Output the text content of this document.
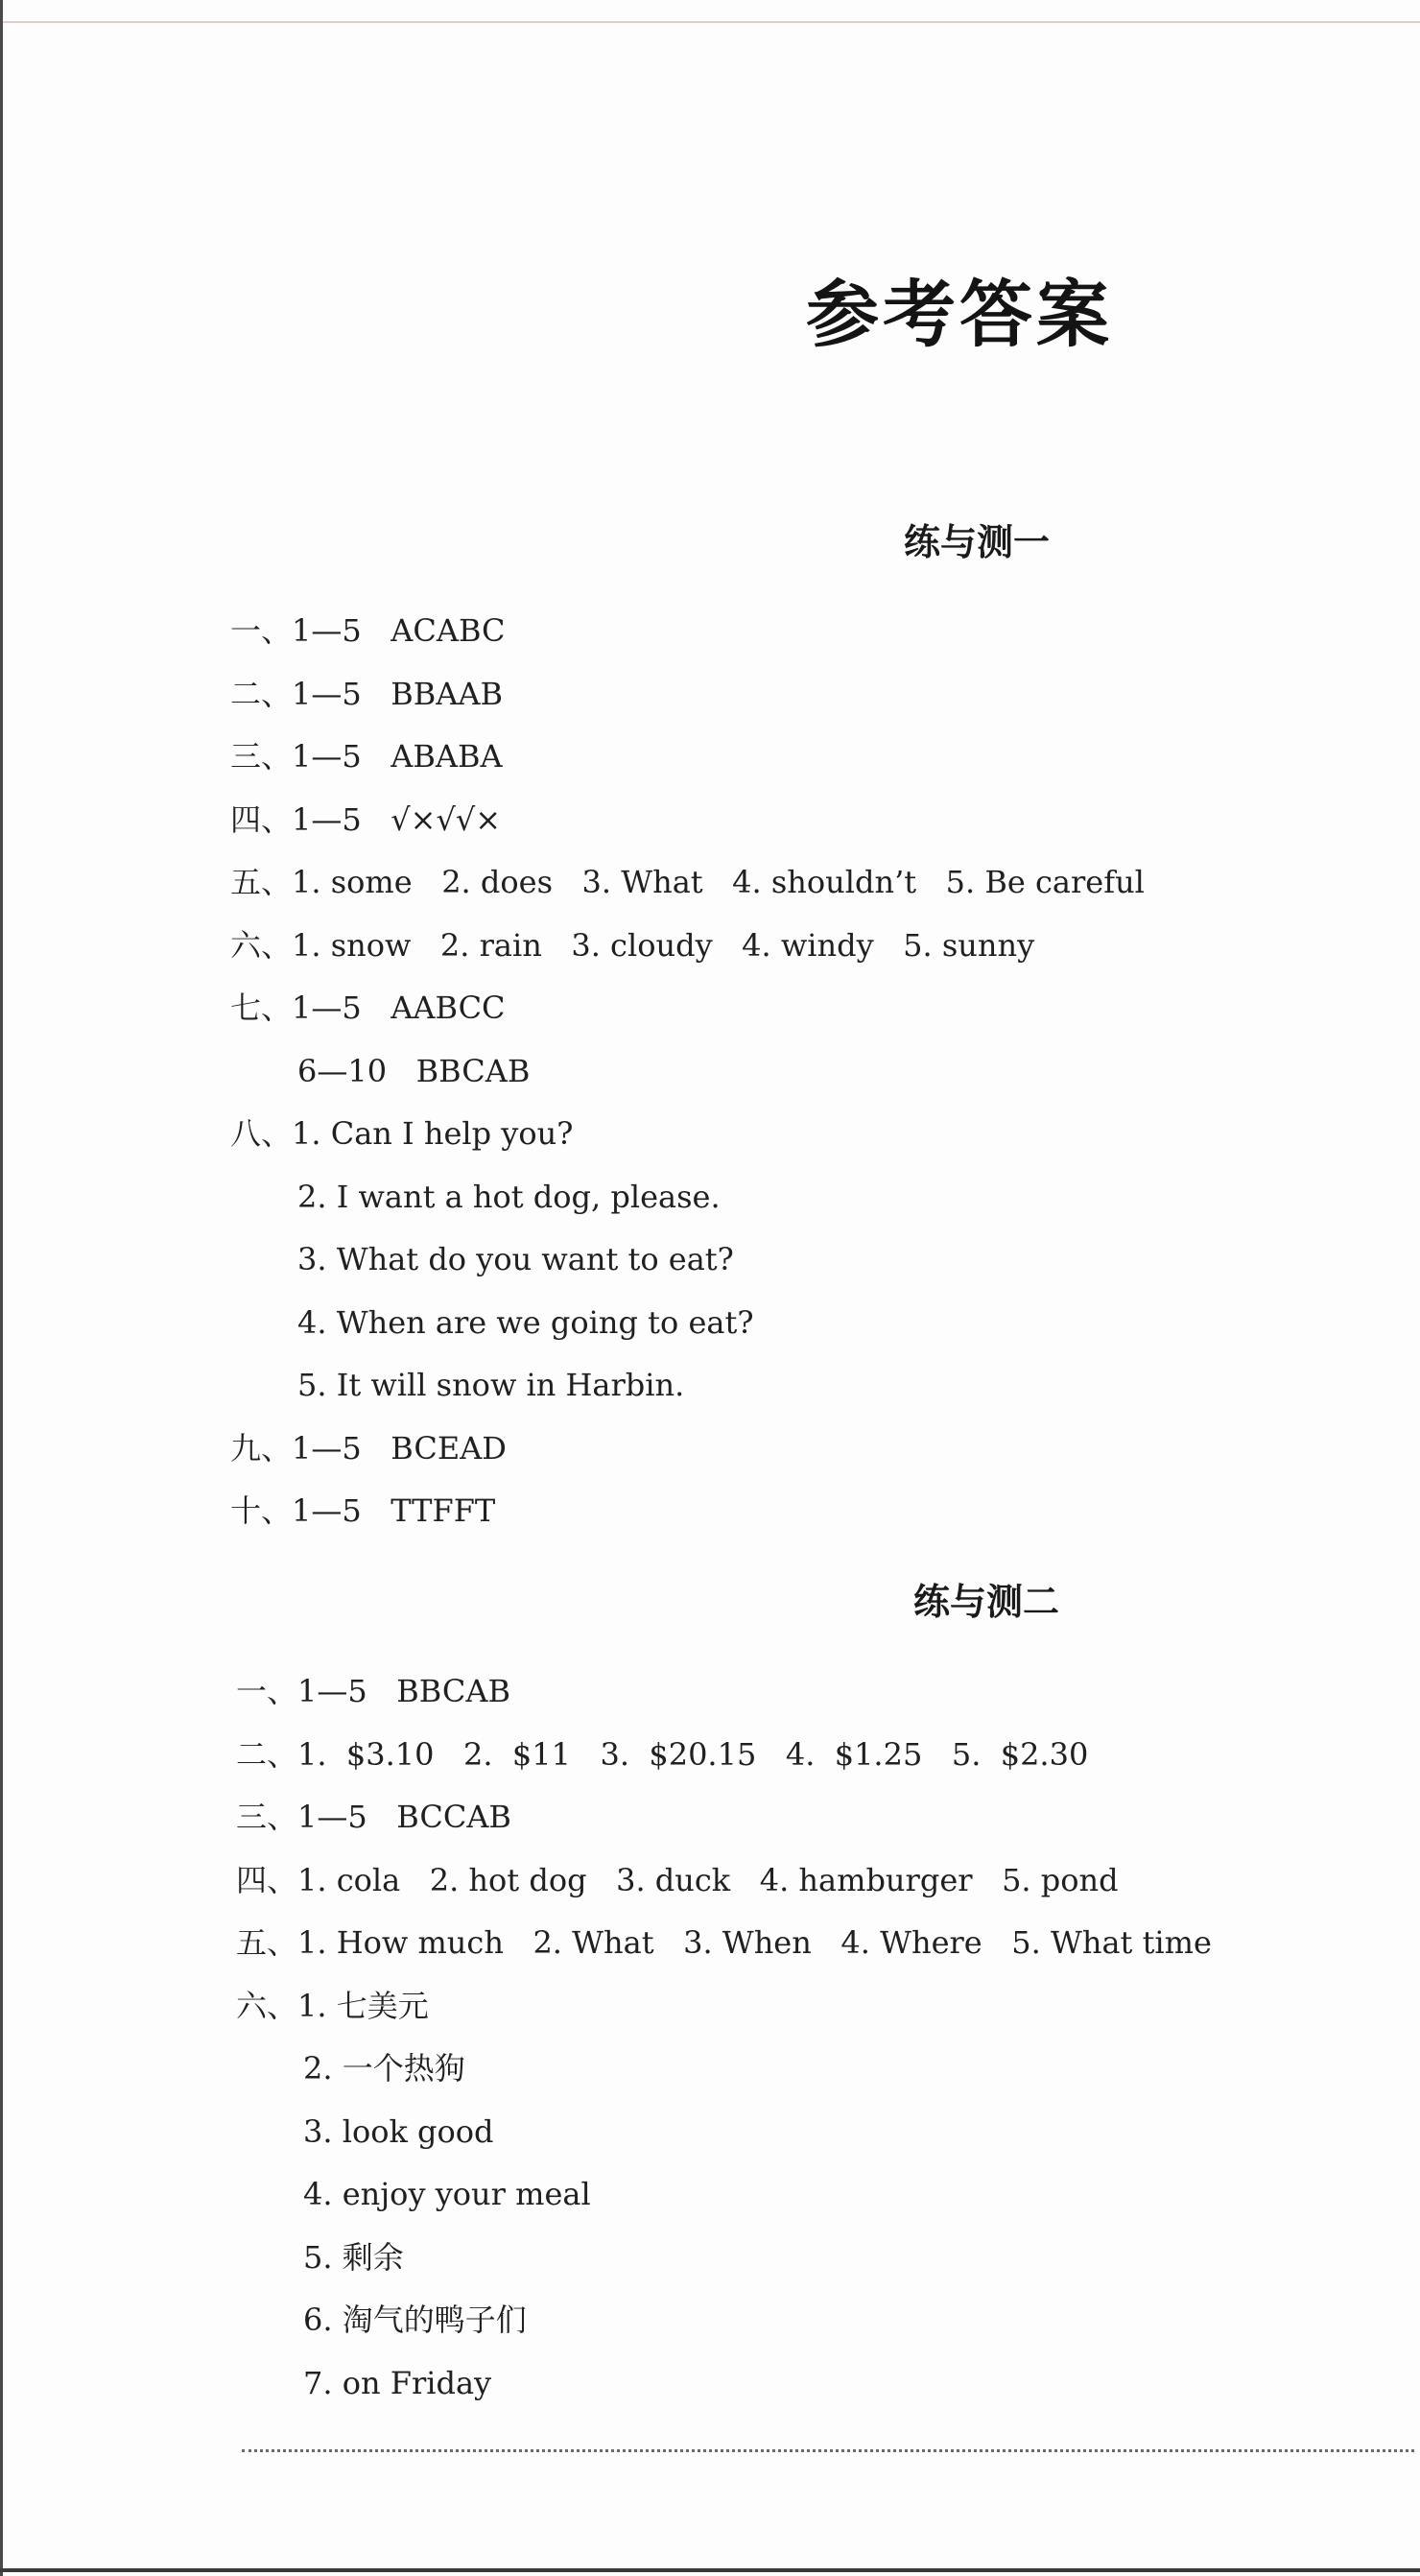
参考答案
练与测一
一、1—5   ACABC
二、1—5   BBAAB
三、1—5   ABABA
四、1—5   √×√√×
五、1. some   2. does   3. What   4. shouldn’t   5. Be careful
六、1. snow   2. rain   3. cloudy   4. windy   5. sunny
七、1—5   AABCC
6—10   BBCAB
八、1. Can I help you?
2. I want a hot dog, please.
3. What do you want to eat?
4. When are we going to eat?
5. It will snow in Harbin.
九、1—5   BCEAD
十、1—5   TTFFT
练与测二
一、1—5   BBCAB
二、1.  $3.10   2.  $11   3.  $20.15   4.  $1.25   5.  $2.30
三、1—5   BCCAB
四、1. cola   2. hot dog   3. duck   4. hamburger   5. pond
五、1. How much   2. What   3. When   4. Where   5. What time
六、1. 七美元
2. 一个热狗
3. look good
4. enjoy your meal
5. 剩余
6. 淘气的鸭子们
7. on Friday
